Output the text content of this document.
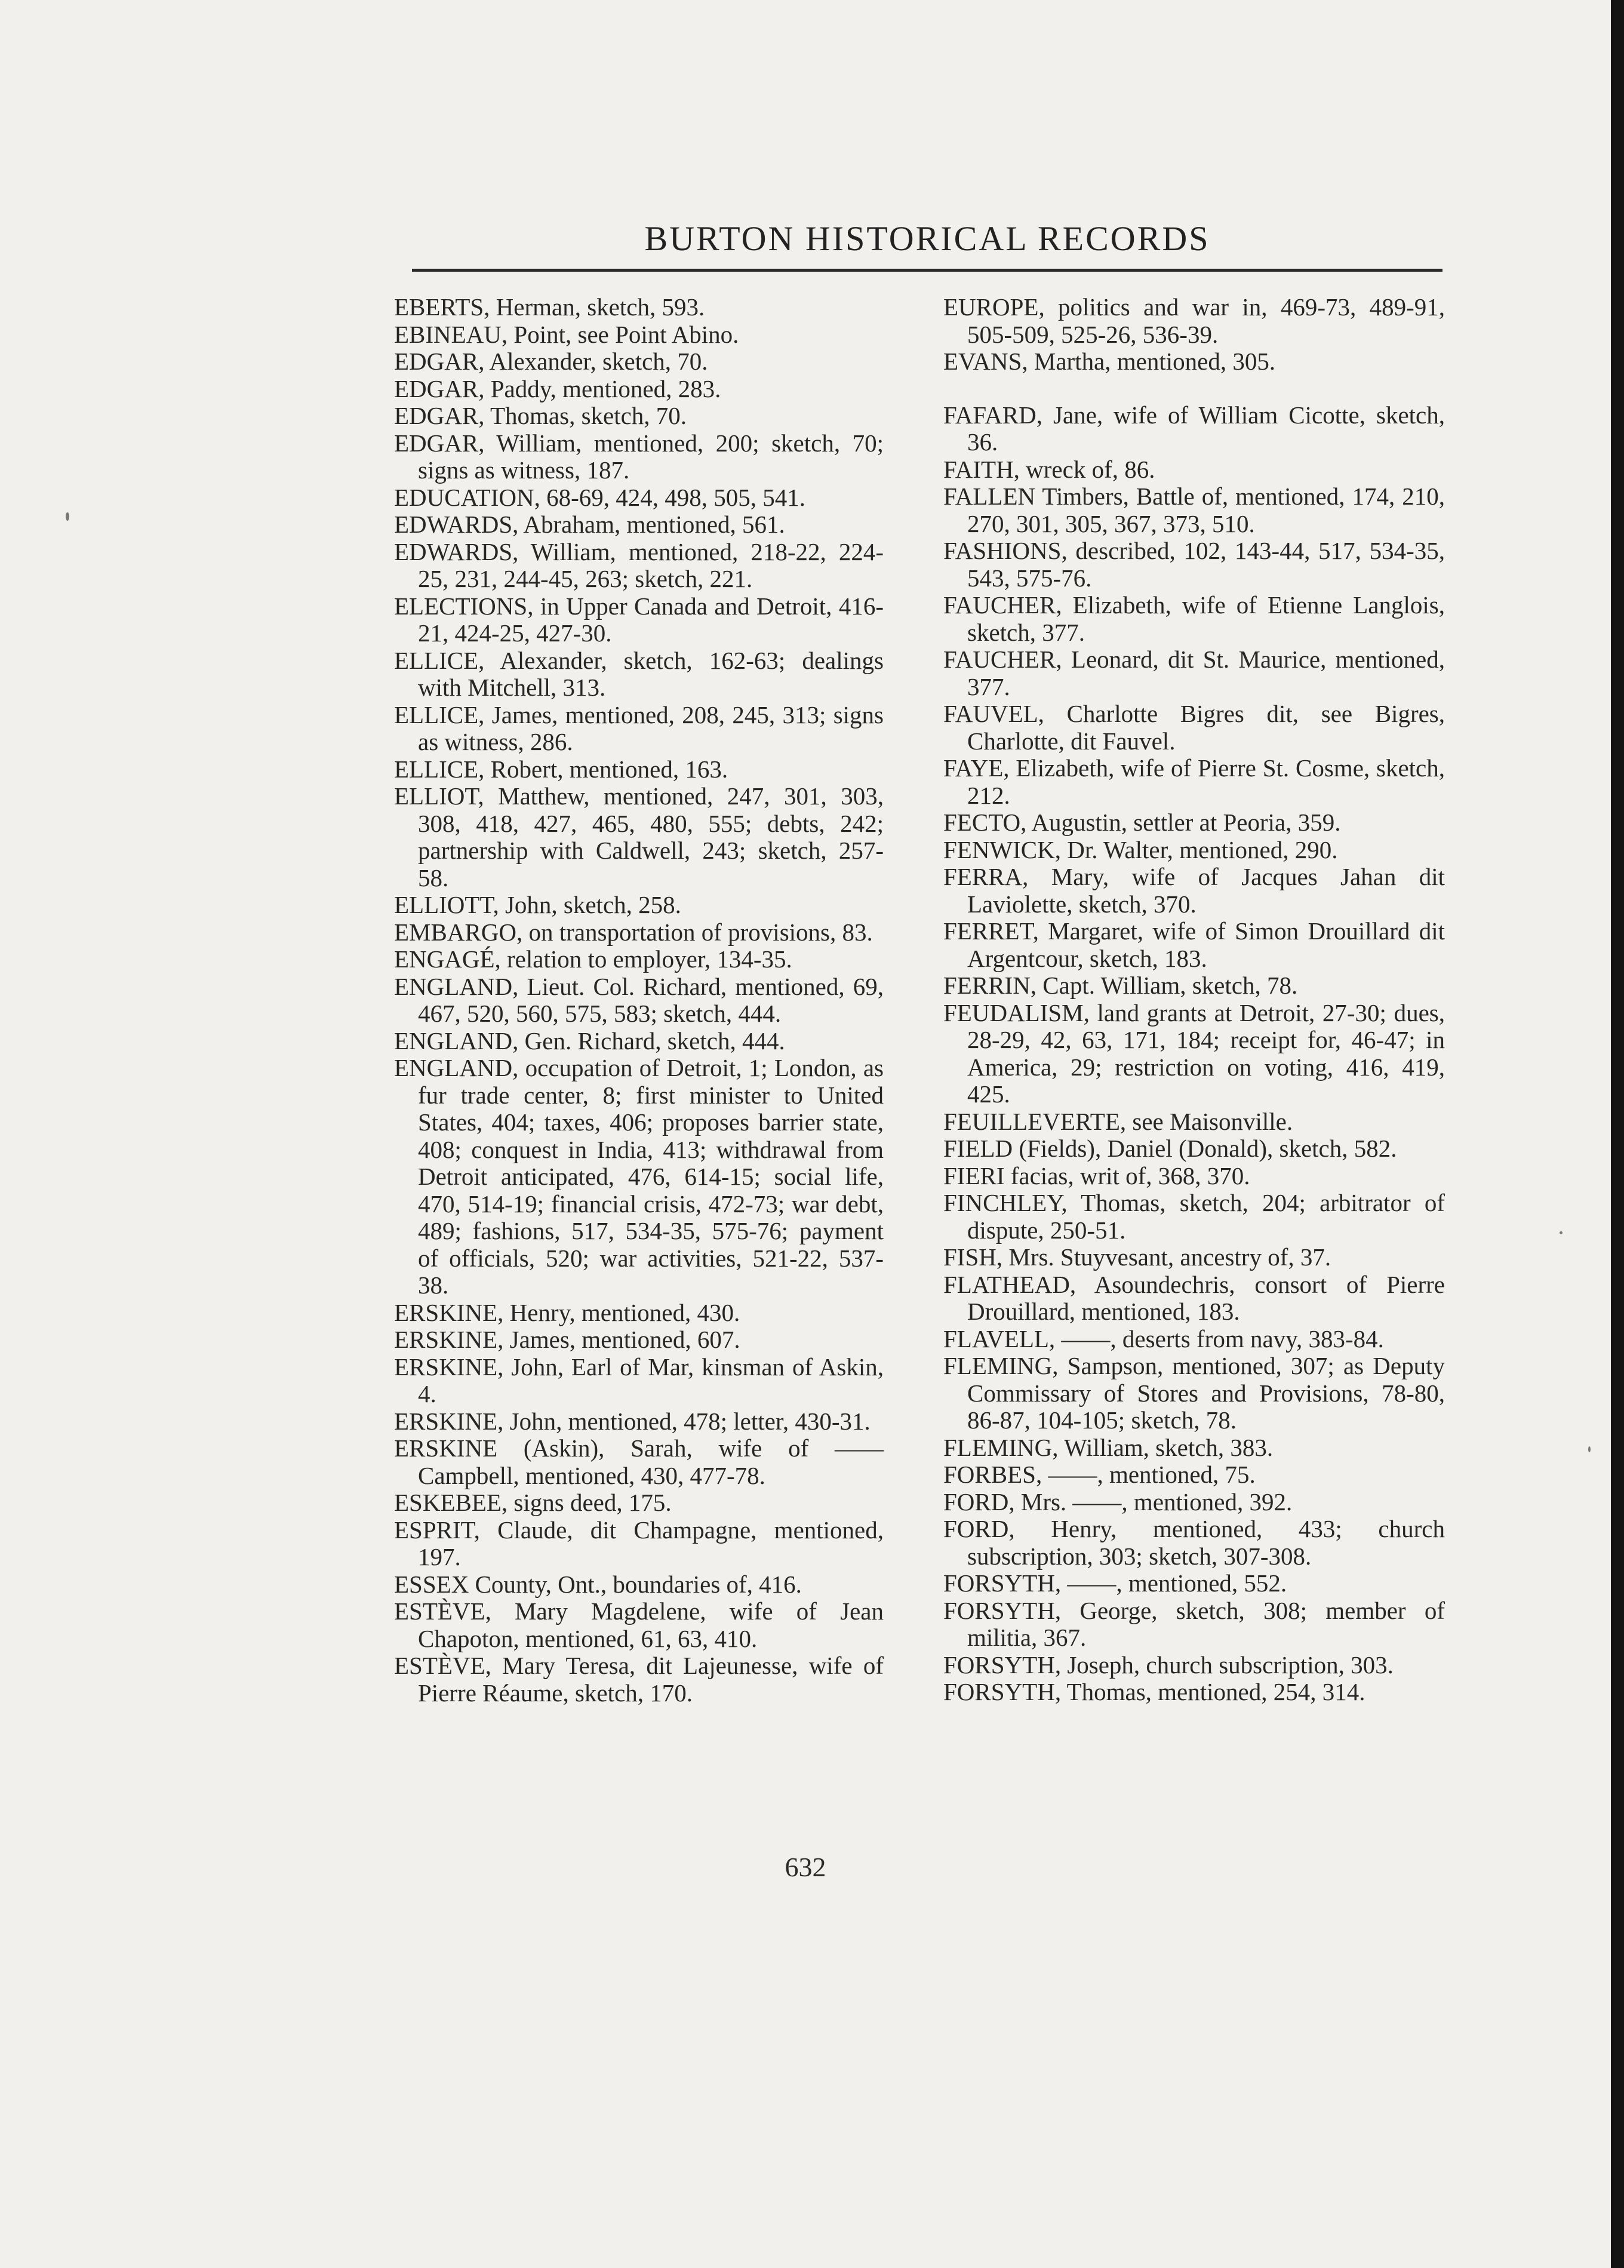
BURTON HISTORICAL RECORDS

EBERTS, Herman, sketch, 593.

EBINEAU, Point, see Point Abino.

EDGAR, Alexander, sketch, 70.

EDGAR, Paddy, mentioned, 283.

EDGAR, Thomas, sketch, 70.

EDGAR, William, mentioned, 200; sketch, 70; signs as witness, 187.

EDUCATION, 68-69, 424, 498, 505, 541.

EDWARDS, Abraham, mentioned, 561.

EDWARDS, William, mentioned, 218-22, 224-25, 231, 244-45, 263; sketch, 221.

ELECTIONS, in Upper Canada and Detroit, 416-21, 424-25, 427-30.

ELLICE, Alexander, sketch, 162-63; dealings with Mitchell, 313.

ELLICE, James, mentioned, 208, 245, 313; signs as witness, 286.

ELLICE, Robert, mentioned, 163.

ELLIOT, Matthew, mentioned, 247, 301, 303, 308, 418, 427, 465, 480, 555; debts, 242; partnership with Caldwell, 243; sketch, 257-58.

ELLIOTT, John, sketch, 258.

EMBARGO, on transportation of provisions, 83.

ENGAGÉ, relation to employer, 134-35.

ENGLAND, Lieut. Col. Richard, mentioned, 69, 467, 520, 560, 575, 583; sketch, 444.

ENGLAND, Gen. Richard, sketch, 444.

ENGLAND, occupation of Detroit, 1; London, as fur trade center, 8; first minister to United States, 404; taxes, 406; proposes barrier state, 408; conquest in India, 413; withdrawal from Detroit anticipated, 476, 614-15; social life, 470, 514-19; financial crisis, 472-73; war debt, 489; fashions, 517, 534-35, 575-76; payment of officials, 520; war activities, 521-22, 537-38.

ERSKINE, Henry, mentioned, 430.

ERSKINE, James, mentioned, 607.

ERSKINE, John, Earl of Mar, kinsman of Askin, 4.

ERSKINE, John, mentioned, 478; letter, 430-31.

ERSKINE (Askin), Sarah, wife of —— Campbell, mentioned, 430, 477-78.

ESKEBEE, signs deed, 175.

ESPRIT, Claude, dit Champagne, mentioned, 197.

ESSEX County, Ont., boundaries of, 416.

ESTÈVE, Mary Magdelene, wife of Jean Chapoton, mentioned, 61, 63, 410.

ESTÈVE, Mary Teresa, dit Lajeunesse, wife of Pierre Réaume, sketch, 170.

EUROPE, politics and war in, 469-73, 489-91, 505-509, 525-26, 536-39.

EVANS, Martha, mentioned, 305.

FAFARD, Jane, wife of William Cicotte, sketch, 36.

FAITH, wreck of, 86.

FALLEN Timbers, Battle of, mentioned, 174, 210, 270, 301, 305, 367, 373, 510.

FASHIONS, described, 102, 143-44, 517, 534-35, 543, 575-76.

FAUCHER, Elizabeth, wife of Etienne Langlois, sketch, 377.

FAUCHER, Leonard, dit St. Maurice, mentioned, 377.

FAUVEL, Charlotte Bigres dit, see Bigres, Charlotte, dit Fauvel.

FAYE, Elizabeth, wife of Pierre St. Cosme, sketch, 212.

FECTO, Augustin, settler at Peoria, 359.

FENWICK, Dr. Walter, mentioned, 290.

FERRA, Mary, wife of Jacques Jahan dit Laviolette, sketch, 370.

FERRET, Margaret, wife of Simon Drouillard dit Argentcour, sketch, 183.

FERRIN, Capt. William, sketch, 78.

FEUDALISM, land grants at Detroit, 27-30; dues, 28-29, 42, 63, 171, 184; receipt for, 46-47; in America, 29; restriction on voting, 416, 419, 425.

FEUILLEVERTE, see Maisonville.

FIELD (Fields), Daniel (Donald), sketch, 582.

FIERI facias, writ of, 368, 370.

FINCHLEY, Thomas, sketch, 204; arbitrator of dispute, 250-51.

FISH, Mrs. Stuyvesant, ancestry of, 37.

FLATHEAD, Asoundechris, consort of Pierre Drouillard, mentioned, 183.

FLAVELL, ——, deserts from navy, 383-84.

FLEMING, Sampson, mentioned, 307; as Deputy Commissary of Stores and Provisions, 78-80, 86-87, 104-105; sketch, 78.

FLEMING, William, sketch, 383.

FORBES, ——, mentioned, 75.

FORD, Mrs. ——, mentioned, 392.

FORD, Henry, mentioned, 433; church subscription, 303; sketch, 307-308.

FORSYTH, ——, mentioned, 552.

FORSYTH, George, sketch, 308; member of militia, 367.

FORSYTH, Joseph, church subscription, 303.

FORSYTH, Thomas, mentioned, 254, 314.

632
